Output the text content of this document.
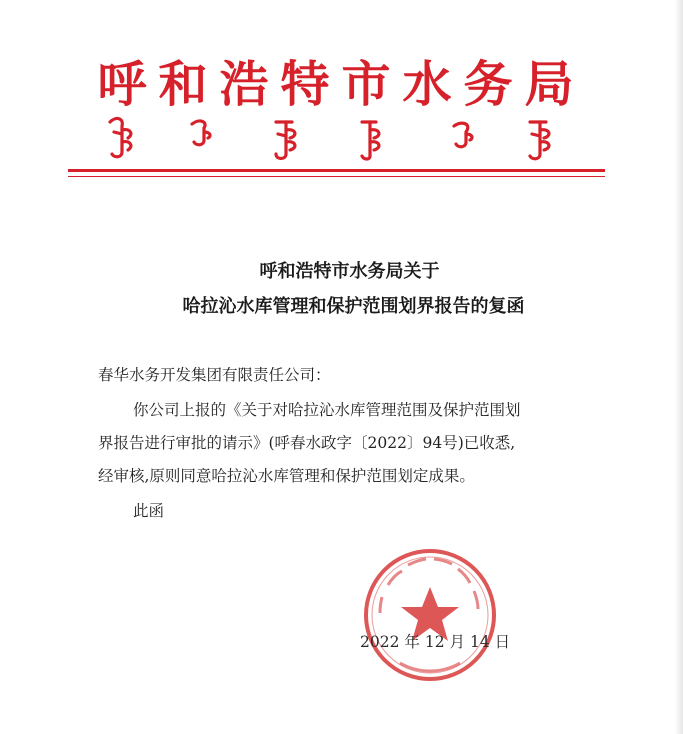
呼和浩特市水务局
呼和浩特市水务局关于
哈拉沁水库管理和保护范围划界报告的复函
春华水务开发集团有限责任公司：
你公司上报的《关于对哈拉沁水库管理范围及保护范围划
界报告进行审批的请示》(呼春水政字〔2022〕94号)已收悉,
经审核,原则同意哈拉沁水库管理和保护范围划定成果。
此函
2022 年 12 月 14 日
